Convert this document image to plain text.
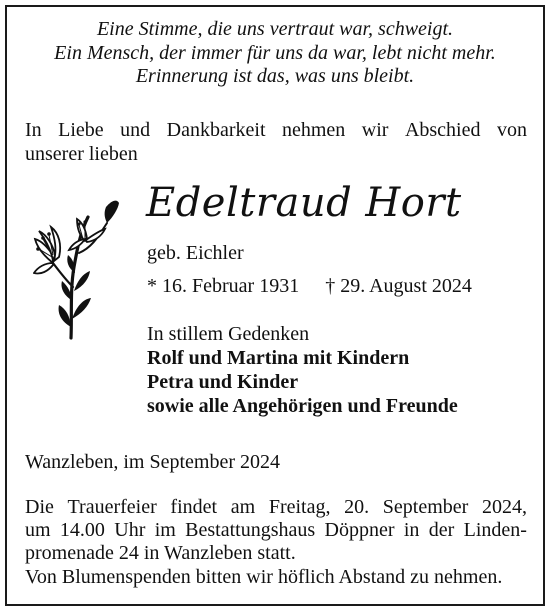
Eine Stimme, die uns vertraut war, schweigt.
Ein Mensch, der immer für uns da war, lebt nicht mehr.
Erinnerung ist das, was uns bleibt.
In Liebe und Dankbarkeit nehmen wir Abschied von
unserer lieben
Edeltraud Hort
geb. Eichler
* 16. Februar 1931 † 29. August 2024
In stillem Gedenken
Rolf und Martina mit Kindern
Petra und Kinder
sowie alle Angehörigen und Freunde
Wanzleben, im September 2024
Die Trauerfeier findet am Freitag, 20. September 2024,
um 14.00 Uhr im Bestattungshaus Döppner in der Linden-
promenade 24 in Wanzleben statt.
Von Blumenspenden bitten wir höflich Abstand zu nehmen.
